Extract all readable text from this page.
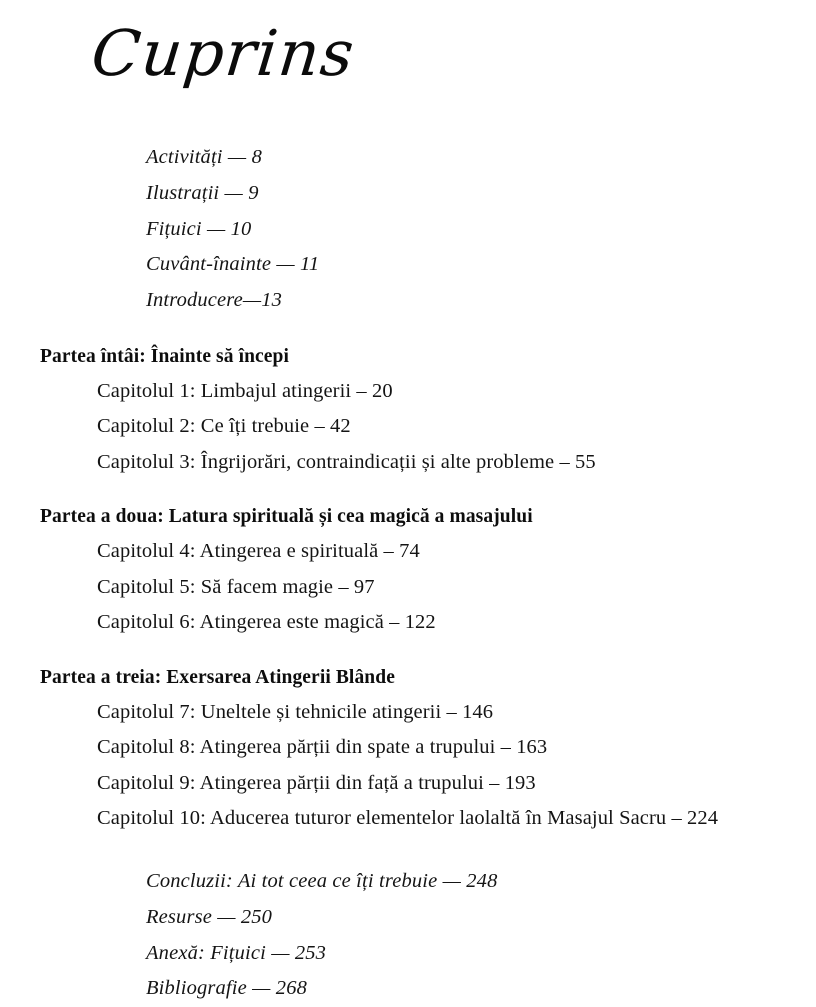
Cuprins
Activități — 8
Ilustrații — 9
Fițuici — 10
Cuvânt-înainte — 11
Introducere—13
Partea întâi: Înainte să începi
Capitolul 1: Limbajul atingerii – 20
Capitolul 2: Ce îți trebuie – 42
Capitolul 3: Îngrijorări, contraindicații și alte probleme – 55
Partea a doua: Latura spirituală și cea magică a masajului
Capitolul 4: Atingerea e spirituală – 74
Capitolul 5: Să facem magie – 97
Capitolul 6: Atingerea este magică – 122
Partea a treia: Exersarea Atingerii Blânde
Capitolul 7: Uneltele și tehnicile atingerii – 146
Capitolul 8: Atingerea părții din spate a trupului – 163
Capitolul 9: Atingerea părții din față a trupului – 193
Capitolul 10: Aducerea tuturor elementelor laolaltă în Masajul Sacru – 224
Concluzii: Ai tot ceea ce îți trebuie — 248
Resurse — 250
Anexă: Fițuici — 253
Bibliografie — 268
